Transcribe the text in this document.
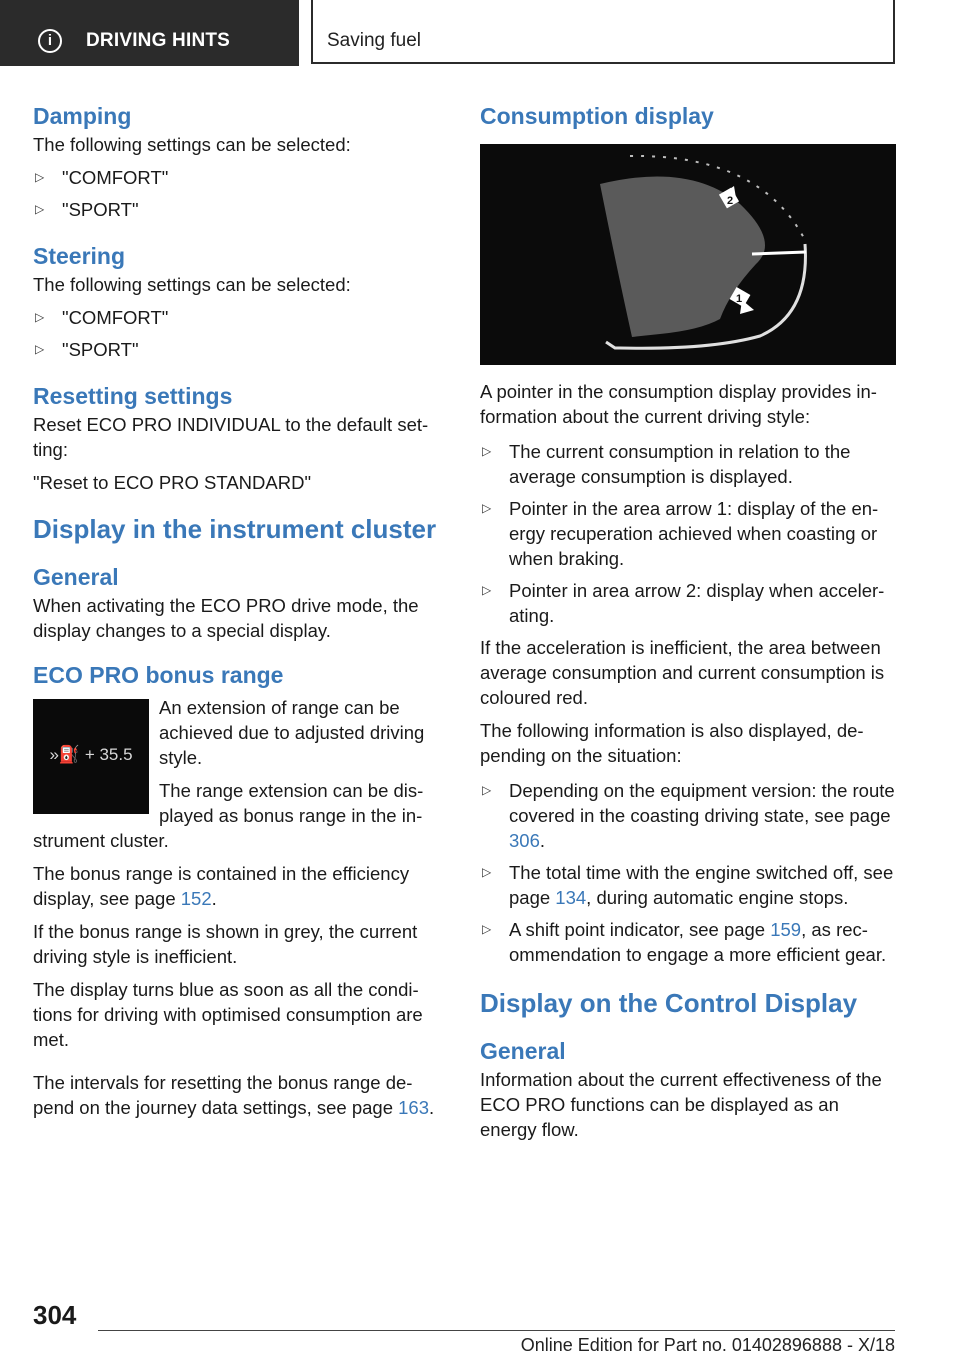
i	DRIVING HINTS	Saving fuel
Damping

The following settings can be selected:

▷ "COMFORT"
▷ "SPORT"
Steering

The following settings can be selected:

▷ "COMFORT"
▷ "SPORT"
Resetting settings

Reset ECO PRO INDIVIDUAL to the default set-ting:

"Reset to ECO PRO STANDARD"

Display in the instrument cluster
General

When activating the ECO PRO drive mode, the display changes to a special display.

ECO PRO bonus range
»⛽ + 35.5

An extension of range can be achieved due to adjusted driving style.

The range extension can be dis-played as bonus range in the in-strument cluster.

The bonus range is contained in the efficiency display, see page 152.

If the bonus range is shown in grey, the current driving style is inefficient.

The display turns blue as soon as all the condi-tions for driving with optimised consumption are met.

The intervals for resetting the bonus range de-pend on the journey data settings, see page 163.

Consumption display
2
1

A pointer in the consumption display provides in-formation about the current driving style:

▷ The current consumption in relation to the average consumption is displayed.
▷ Pointer in the area arrow 1: display of the en-ergy recuperation achieved when coasting or when braking.
▷ Pointer in area arrow 2: display when acceler-ating.

If the acceleration is inefficient, the area between average consumption and current consumption is coloured red.

The following information is also displayed, de-pending on the situation:

▷ Depending on the equipment version: the route covered in the coasting driving state, see page 306.
▷ The total time with the engine switched off, see page 134, during automatic engine stops.
▷ A shift point indicator, see page 159, as rec-ommendation to engage a more efficient gear.
Display on the Control Display
General

Information about the current effectiveness of the ECO PRO functions can be displayed as an energy flow.

304
Online Edition for Part no. 01402896888 - X/18
